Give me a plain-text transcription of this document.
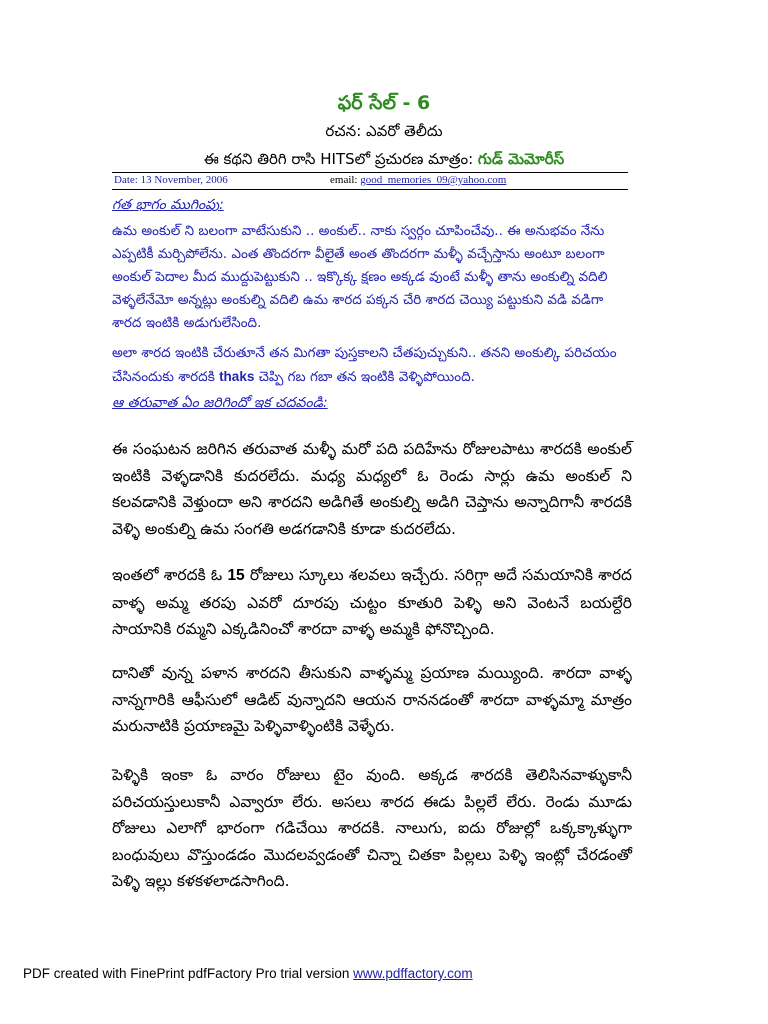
ఫర్ సేల్ - 6
రచన: ఎవరో తెలీదు
ఈ కథని తిరిగి రాసి HITSలో ప్రచురణ మాత్రం: గుడ్ మెమోరీస్
Date: 13 November, 2006	email: good_memories_09@yahoo.com
గత భాగం ముగింపు:
ఉమ అంకుల్ ని బలంగా వాటేసుకుని .. అంకుల్.. నాకు స్వర్గం చూపించేవు.. ఈ అనుభవం నేను ఎప్పటికీ మర్చిపోలేను. ఎంత తొందరగా వీలైతే అంత తొందరగా మళ్ళీ వచ్చేస్తాను అంటూ బలంగా అంకుల్ పెదాల మీద ముద్దుపెట్టుకుని .. ఇక్కొక్క క్షణం అక్కడ వుంటే మళ్ళీ తాను అంకుల్ని వదిలి వెళ్ళలేనేమో అన్నట్లు అంకుల్ని వదిలి ఉమ శారద పక్కన చేరి శారద చెయ్యి పట్టుకుని వడి వడిగా శారద ఇంటికి అడుగులేసింది.
అలా శారద ఇంటికి చేరుతూనే తన మిగతా పుస్తకాలని చేతపుచ్చుకుని.. తనని అంకుల్కి పరిచయం చేసినందుకు శారదకి thaks చెప్పి గబ గబా తన ఇంటికి వెళ్ళిపోయింది.
ఆ తరువాత ఏం జరిగిందో ఇక చదవండి:
ఈ సంఘటన జరిగిన తరువాత మళ్ళీ మరో పది పదిహేను రోజులపాటు శారదకి అంకుల్ ఇంటికి వెళ్ళడానికి కుదరలేదు. మధ్య మధ్యలో ఓ రెండు సార్లు ఉమ అంకుల్ ని కలవడానికి వెళ్తుందా అని శారదని అడిగితే అంకుల్ని అడిగి చెప్తాను అన్నాదిగానీ శారదకి వెళ్ళి అంకుల్ని ఉమ సంగతి అడగడానికి కూడా కుదరలేదు.
ఇంతలో శారదకి ఓ 15 రోజులు స్కూలు శలవలు ఇచ్చేరు. సరిగ్గా అదే సమయానికి శారద వాళ్ళ అమ్మ తరపు ఎవరో దూరపు చుట్టం కూతురి పెళ్ళి అని వెంటనే బయల్దేరి సాయానికి రమ్మని ఎక్కడినించో శారదా వాళ్ళ అమ్మకి ఫోనొచ్చింది.
దానితో వున్న పళాన శారదని తీసుకుని వాళ్ళమ్మ ప్రయాణ మయ్యింది. శారదా వాళ్ళ నాన్నగారికి ఆఫీసులో ఆడిట్ వున్నాదని ఆయన రాననడంతో శారదా వాళ్ళమ్మా మాత్రం మరునాటికి ప్రయాణమై పెళ్ళివాళ్ళింటికి వెళ్ళేరు.
పెళ్ళికి ఇంకా ఓ వారం రోజులు టైం వుంది. అక్కడ శారదకి తెలిసినవాళ్ళుకానీ పరిచయస్తులుకానీ ఎవ్వారూ లేరు. అసలు శారద ఈడు పిల్లలే లేరు. రెండు మూడు రోజులు ఎలాగో భారంగా గడిచేయి శారదకి. నాలుగు, ఐదు రోజుల్లో ఒక్కక్కాళ్ళుగా బంధువులు వొస్తుండడం మొదలవ్వడంతో చిన్నా చితకా పిల్లలు పెళ్ళి ఇంట్లో చేరడంతో పెళ్ళి ఇల్లు కళకళలాడసాగింది.
PDF created with FinePrint pdfFactory Pro trial version www.pdffactory.com
